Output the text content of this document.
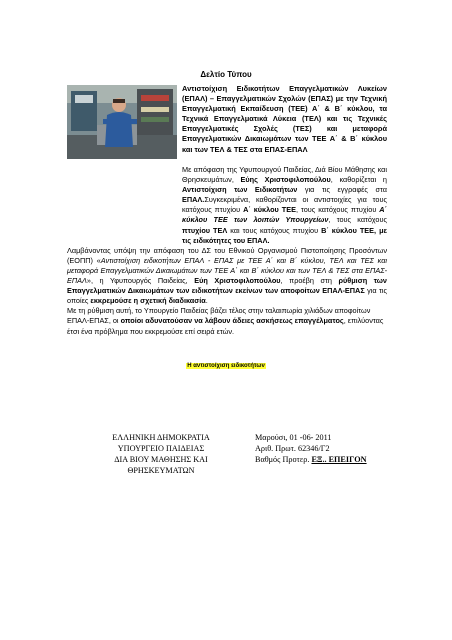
Δελτίο Τύπου
Αντιστοίχιση Ειδικοτήτων Επαγγελματικών Λυκείων (ΕΠΑΛ) – Επαγγελματικών Σχολών (ΕΠΑΣ) με την Τεχνική Επαγγελματική Εκπαίδευση (ΤΕΕ) Α΄ & Β΄ κύκλου, τα Τεχνικά Επαγγελματικά Λύκεια (ΤΕΛ) και τις Τεχνικές Επαγγελματικές Σχολές (ΤΕΣ) και μεταφορά Επαγγελματικών Δικαιωμάτων των ΤΕΕ Α΄ & Β΄ κύκλου και των ΤΕΛ & ΤΕΣ στα ΕΠΑΣ-ΕΠΑΛ

Με απόφαση της Υφυπουργού Παιδείας, Διά Βίου Μάθησης και Θρησκευμάτων, Εύης Χριστοφιλοπούλου, καθορίζεται η Αντιστοίχιση των Ειδικοτήτων για τις εγγραφές στα ΕΠΑΛ.Συγκεκριμένα, καθορίζονται οι αντιστοιχίες για τους κατόχους πτυχίου Α΄ κύκλου ΤΕΕ, τους κατόχους πτυχίου Α΄ κύκλου ΤΕΕ των λοιπών Υπουργείων, τους κατόχους πτυχίου ΤΕΛ και τους κατόχους πτυχίου Β΄ κύκλου ΤΕΕ, με τις ειδικότητες του ΕΠΑΛ.

Λαμβάνοντας υπόψη την απόφαση του ΔΣ του Εθνικού Οργανισμού Πιστοποίησης Προσόντων (ΕΟΠΠ) «Αντιστοίχιση ειδικοτήτων ΕΠΑΛ - ΕΠΑΣ με ΤΕΕ Α΄ και Β΄ κύκλου, ΤΕΛ και ΤΕΣ και μεταφορά Επαγγελματικών Δικαιωμάτων των ΤΕΕ Α΄ και Β΄ κύκλου και των ΤΕΛ & ΤΕΣ στα ΕΠΑΣ-ΕΠΑΛ», η Υφυπουργός Παιδείας, Εύη Χριστοφιλοπούλου, προέβη στη ρύθμιση των Επαγγελματικών Δικαιωμάτων των ειδικοτήτων εκείνων των αποφοίτων ΕΠΑΛ-ΕΠΑΣ για τις οποίες εκκρεμούσε η σχετική διαδικασία.

Με τη ρύθμιση αυτή, το Υπουργείο Παιδείας βάζει τέλος στην ταλαιπωρία χιλιάδων αποφοίτων

ΕΠΑΛ-ΕΠΑΣ, οι οποίοι αδυνατούσαν να λάβουν άδειες ασκήσεως επαγγέλματος, επιλύοντας έτσι ένα πρόβλημα που εκκρεμούσε επί σειρά ετών.

Η αντιστοίχιση ειδικοτήτων
ΕΛΛΗΝΙΚΗ ΔΗΜΟΚΡΑΤΙΑ
ΥΠΟΥΡΓΕΙΟ ΠΑΙΔΕΙΑΣ
ΔΙΑ ΒΙΟΥ ΜΑΘΗΣΗΣ ΚΑΙ
ΘΡΗΣΚΕΥΜΑΤΩΝ
Μαρούσι, 01 -06- 2011
Αριθ. Πρωτ. 62346/Γ2
Βαθμός Προτερ. ΕΞ.. ΕΠΕΙΓΟΝ
